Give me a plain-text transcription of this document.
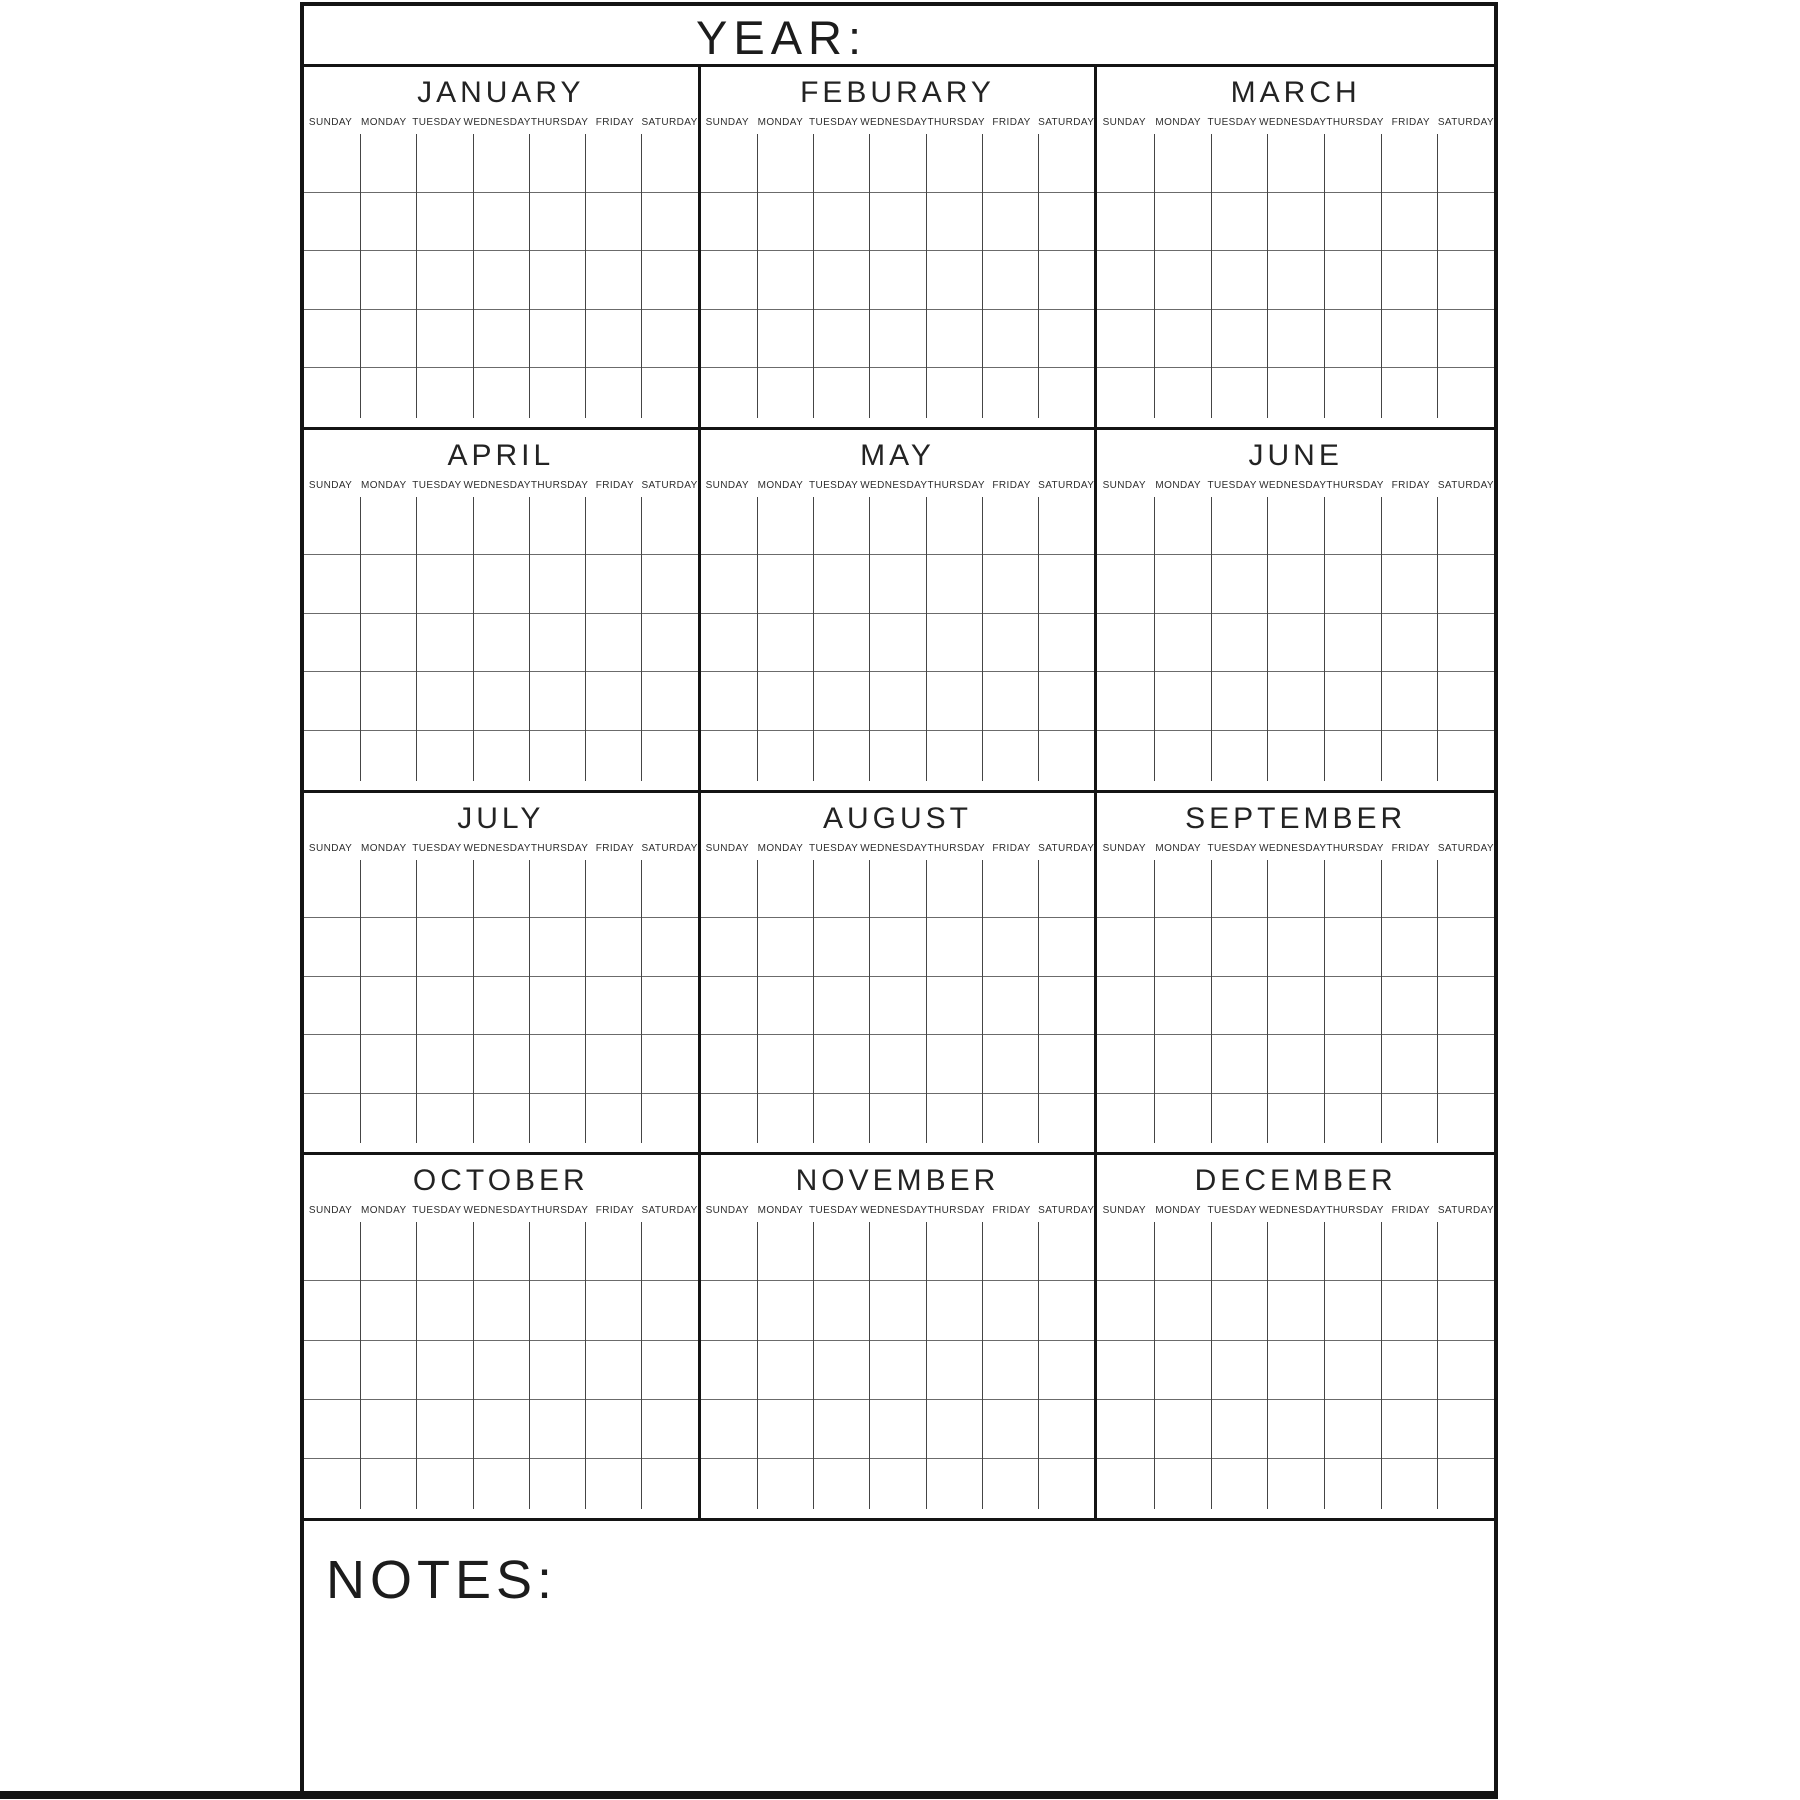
YEAR:
JANUARY
SUNDAY MONDAY TUESDAY WEDNESDAY THURSDAY FRIDAY SATURDAY
FEBURARY
SUNDAY MONDAY TUESDAY WEDNESDAY THURSDAY FRIDAY SATURDAY
MARCH
SUNDAY MONDAY TUESDAY WEDNESDAY THURSDAY FRIDAY SATURDAY
APRIL
SUNDAY MONDAY TUESDAY WEDNESDAY THURSDAY FRIDAY SATURDAY
MAY
SUNDAY MONDAY TUESDAY WEDNESDAY THURSDAY FRIDAY SATURDAY
JUNE
SUNDAY MONDAY TUESDAY WEDNESDAY THURSDAY FRIDAY SATURDAY
JULY
SUNDAY MONDAY TUESDAY WEDNESDAY THURSDAY FRIDAY SATURDAY
AUGUST
SUNDAY MONDAY TUESDAY WEDNESDAY THURSDAY FRIDAY SATURDAY
SEPTEMBER
SUNDAY MONDAY TUESDAY WEDNESDAY THURSDAY FRIDAY SATURDAY
OCTOBER
SUNDAY MONDAY TUESDAY WEDNESDAY THURSDAY FRIDAY SATURDAY
NOVEMBER
SUNDAY MONDAY TUESDAY WEDNESDAY THURSDAY FRIDAY SATURDAY
DECEMBER
SUNDAY MONDAY TUESDAY WEDNESDAY THURSDAY FRIDAY SATURDAY
NOTES:
